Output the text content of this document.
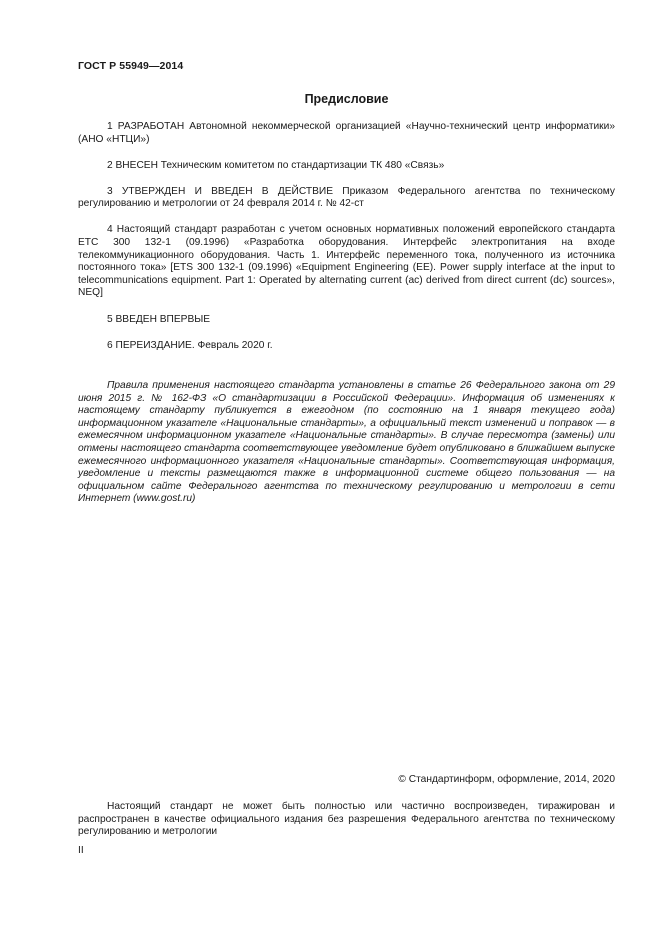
ГОСТ Р 55949—2014
Предисловие

1 РАЗРАБОТАН Автономной некоммерческой организацией «Научно-технический центр информатики» (АНО «НТЦИ»)

2 ВНЕСЕН Техническим комитетом по стандартизации ТК 480 «Связь»

3 УТВЕРЖДЕН И ВВЕДЕН В ДЕЙСТВИЕ Приказом Федерального агентства по техническому регулированию и метрологии от 24 февраля 2014 г. № 42-ст

4 Настоящий стандарт разработан с учетом основных нормативных положений европейского стандарта ЕТС 300 132-1 (09.1996) «Разработка оборудования. Интерфейс электропитания на входе телекоммуникационного оборудования. Часть 1. Интерфейс переменного тока, полученного из источника постоянного тока» [ETS 300 132-1 (09.1996) «Equipment Engineering (EE). Power supply interface at the input to telecommunications equipment. Part 1: Operated by alternating current (ac) derived from direct current (dc) sources», NEQ]

5 ВВЕДЕН ВПЕРВЫЕ

6 ПЕРЕИЗДАНИЕ. Февраль 2020 г.

Правила применения настоящего стандарта установлены в статье 26 Федерального закона от 29 июня 2015 г. № 162-ФЗ «О стандартизации в Российской Федерации». Информация об изменениях к настоящему стандарту публикуется в ежегодном (по состоянию на 1 января текущего года) информационном указателе «Национальные стандарты», а официальный текст изменений и поправок — в ежемесячном информационном указателе «Национальные стандарты». В случае пересмотра (замены) или отмены настоящего стандарта соответствующее уведомление будет опубликовано в ближайшем выпуске ежемесячного информационного указателя «Национальные стандарты». Соответствующая информация, уведомление и тексты размещаются также в информационной системе общего пользования — на официальном сайте Федерального агентства по техническому регулированию и метрологии в сети Интернет (www.gost.ru)

© Стандартинформ, оформление, 2014, 2020

Настоящий стандарт не может быть полностью или частично воспроизведен, тиражирован и распространен в качестве официального издания без разрешения Федерального агентства по техническому регулированию и метрологии

II
